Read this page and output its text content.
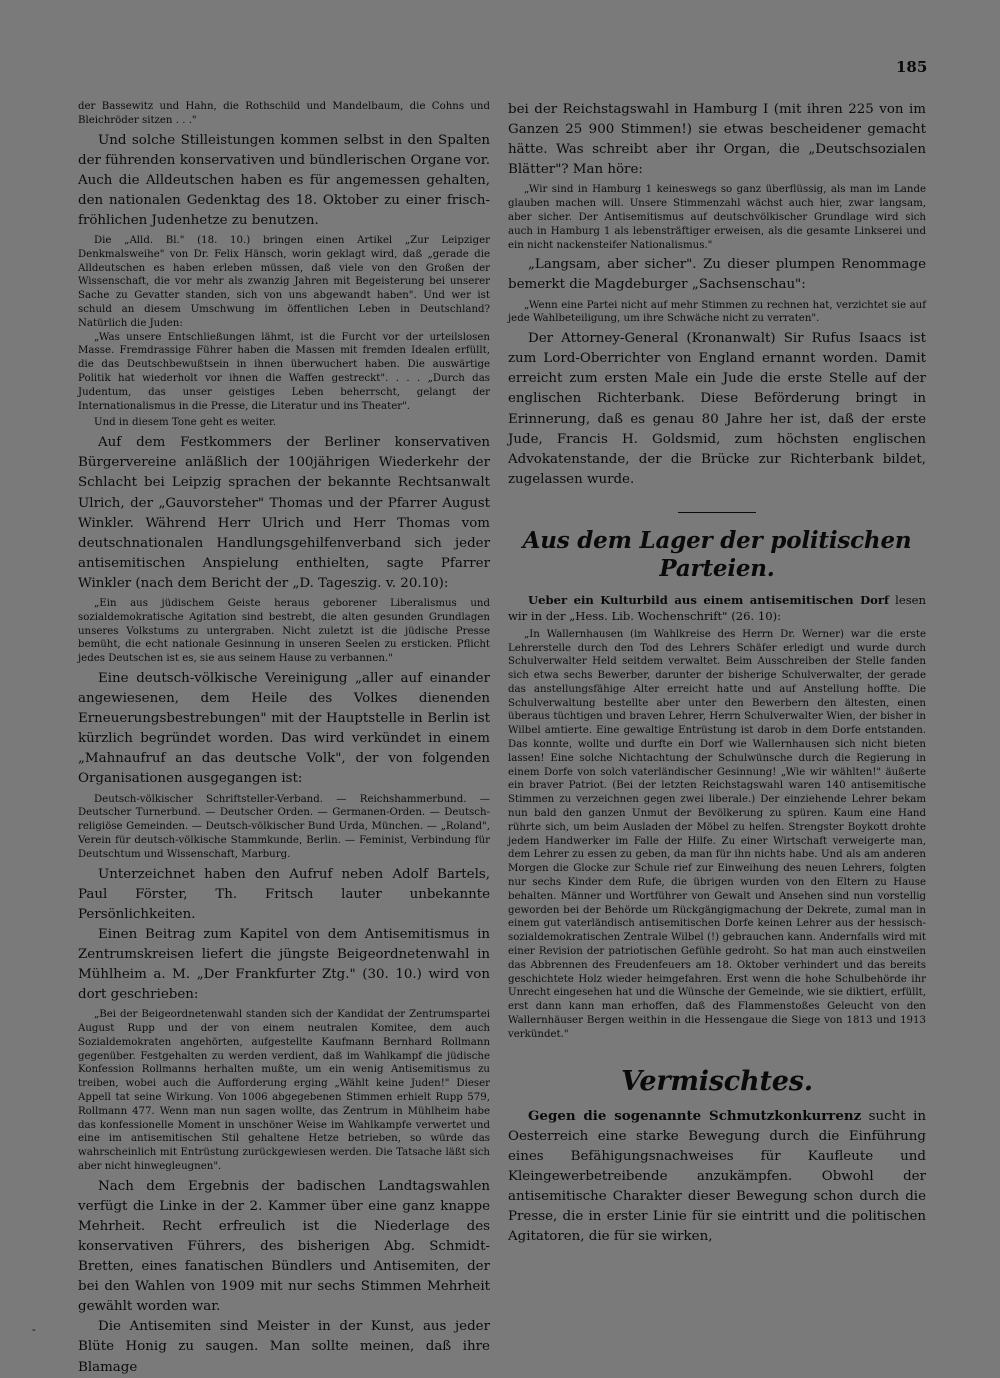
185

der Bassewitz und Hahn, die Rothschild und Mandelbaum, die Cohns und Bleichröder sitzen . . ."

Und solche Stilleistungen kommen selbst in den Spalten der führenden konservativen und bündlerischen Organe vor. Auch die Alldeutschen haben es für angemessen gehalten, den nationalen Gedenktag des 18. Oktober zu einer frisch-fröhlichen Judenhetze zu benutzen.

Die „Alld. Bl." (18. 10.) bringen einen Artikel „Zur Leipziger Denkmalsweihe" von Dr. Felix Hänsch, worin geklagt wird, daß „gerade die Alldeutschen es haben erleben müssen, daß viele von den Großen der Wissenschaft, die vor mehr als zwanzig Jahren mit Begeisterung bei unserer Sache zu Gevatter standen, sich von uns abgewandt haben". Und wer ist schuld an diesem Umschwung im öffentlichen Leben in Deutschland? Natürlich die Juden:

„Was unsere Entschließungen lähmt, ist die Furcht vor der urteilslosen Masse. Fremdrassige Führer haben die Massen mit fremden Idealen erfüllt, die das Deutschbewußtsein in ihnen überwuchert haben. Die auswärtige Politik hat wiederholt vor ihnen die Waffen gestreckt". . . . „Durch das Judentum, das unser geistiges Leben beherrscht, gelangt der Internationalismus in die Presse, die Literatur und ins Theater".

Und in diesem Tone geht es weiter.

Auf dem Festkommers der Berliner konservativen Bürgervereine anläßlich der 100jährigen Wiederkehr der Schlacht bei Leipzig sprachen der bekannte Rechtsanwalt Ulrich, der „Gauvorsteher" Thomas und der Pfarrer August Winkler. Während Herr Ulrich und Herr Thomas vom deutschnationalen Handlungsgehilfenverband sich jeder antisemitischen Anspielung enthielten, sagte Pfarrer Winkler (nach dem Bericht der „D. Tageszig. v. 20.10):

„Ein aus jüdischem Geiste heraus geborener Liberalismus und sozialdemokratische Agitation sind bestrebt, die alten gesunden Grundlagen unseres Volkstums zu untergraben. Nicht zuletzt ist die jüdische Presse bemüht, die echt nationale Gesinnung in unseren Seelen zu ersticken. Pflicht jedes Deutschen ist es, sie aus seinem Hause zu verbannen."

Eine deutsch-völkische Vereinigung „aller auf einander angewiesenen, dem Heile des Volkes dienenden Erneuerungsbestrebungen" mit der Hauptstelle in Berlin ist kürzlich begründet worden. Das wird verkündet in einem „Mahnaufruf an das deutsche Volk", der von folgenden Organisationen ausgegangen ist:

Deutsch-völkischer Schriftsteller-Verband. — Reichshammerbund. — Deutscher Turnerbund. — Deutscher Orden. — Germanen-Orden. — Deutsch-religiöse Gemeinden. — Deutsch-völkischer Bund Urda, München. — „Roland", Verein für deutsch-völkische Stammkunde, Berlin. — Feminist, Verbindung für Deutschtum und Wissenschaft, Marburg.

Unterzeichnet haben den Aufruf neben Adolf Bartels, Paul Förster, Th. Fritsch lauter unbekannte Persönlichkeiten.

Einen Beitrag zum Kapitel von dem Antisemitismus in Zentrumskreisen liefert die jüngste Beigeordnetenwahl in Mühlheim a. M. „Der Frankfurter Ztg." (30. 10.) wird von dort geschrieben:

„Bei der Beigeordnetenwahl standen sich der Kandidat der Zentrumspartei August Rupp und der von einem neutralen Komitee, dem auch Sozialdemokraten angehörten, aufgestellte Kaufmann Bernhard Rollmann gegenüber. Festgehalten zu werden verdient, daß im Wahlkampf die jüdische Konfession Rollmanns herhalten mußte, um ein wenig Antisemitismus zu treiben, wobei auch die Aufforderung erging „Wählt keine Juden!" Dieser Appell tat seine Wirkung. Von 1006 abgegebenen Stimmen erhielt Rupp 579, Rollmann 477. Wenn man nun sagen wollte, das Zentrum in Mühlheim habe das konfessionelle Moment in unschöner Weise im Wahlkampfe verwertet und eine im antisemitischen Stil gehaltene Hetze betrieben, so würde das wahrscheinlich mit Entrüstung zurückgewiesen werden. Die Tatsache läßt sich aber nicht hinwegleugnen".

Nach dem Ergebnis der badischen Landtagswahlen verfügt die Linke in der 2. Kammer über eine ganz knappe Mehrheit. Recht erfreulich ist die Niederlage des konservativen Führers, des bisherigen Abg. Schmidt-Bretten, eines fanatischen Bündlers und Antisemiten, der bei den Wahlen von 1909 mit nur sechs Stimmen Mehrheit gewählt worden war.

Die Antisemiten sind Meister in der Kunst, aus jeder Blüte Honig zu saugen. Man sollte meinen, daß ihre Blamage

bei der Reichstagswahl in Hamburg I (mit ihren 225 von im Ganzen 25 900 Stimmen!) sie etwas bescheidener gemacht hätte. Was schreibt aber ihr Organ, die „Deutschsozialen Blätter"? Man höre:

„Wir sind in Hamburg 1 keineswegs so ganz überflüssig, als man im Lande glauben machen will. Unsere Stimmenzahl wächst auch hier, zwar langsam, aber sicher. Der Antisemitismus auf deutschvölkischer Grundlage wird sich auch in Hamburg 1 als lebensträftiger erweisen, als die gesamte Linkserei und ein nicht nackensteifer Nationalismus."

„Langsam, aber sicher". Zu dieser plumpen Renommage bemerkt die Magdeburger „Sachsenschau":

„Wenn eine Partei nicht auf mehr Stimmen zu rechnen hat, verzichtet sie auf jede Wahlbeteiligung, um ihre Schwäche nicht zu verraten".

Der Attorney-General (Kronanwalt) Sir Rufus Isaacs ist zum Lord-Oberrichter von England ernannt worden. Damit erreicht zum ersten Male ein Jude die erste Stelle auf der englischen Richterbank. Diese Beförderung bringt in Erinnerung, daß es genau 80 Jahre her ist, daß der erste Jude, Francis H. Goldsmid, zum höchsten englischen Advokatenstande, der die Brücke zur Richterbank bildet, zugelassen wurde.

Aus dem Lager der politischen Parteien.

Ueber ein Kulturbild aus einem antisemitischen Dorf lesen wir in der „Hess. Lib. Wochenschrift" (26. 10):

„In Wallernhausen (im Wahlkreise des Herrn Dr. Werner) war die erste Lehrerstelle durch den Tod des Lehrers Schäfer erledigt und wurde durch Schulverwalter Held seitdem verwaltet. Beim Ausschreiben der Stelle fanden sich etwa sechs Bewerber, darunter der bisherige Schulverwalter, der gerade das anstellungsfähige Alter erreicht hatte und auf Anstellung hoffte. Die Schulverwaltung bestellte aber unter den Bewerbern den ältesten, einen überaus tüchtigen und braven Lehrer, Herrn Schulverwalter Wien, der bisher in Wilbel amtierte. Eine gewaltige Entrüstung ist darob in dem Dorfe entstanden. Das konnte, wollte und durfte ein Dorf wie Wallernhausen sich nicht bieten lassen! Eine solche Nichtachtung der Schulwünsche durch die Regierung in einem Dorfe von solch vaterländischer Gesinnung! „Wie wir wählten!" äußerte ein braver Patriot. (Bei der letzten Reichstagswahl waren 140 antisemitische Stimmen zu verzeichnen gegen zwei liberale.) Der einziehende Lehrer bekam nun bald den ganzen Unmut der Bevölkerung zu spüren. Kaum eine Hand rührte sich, um beim Ausladen der Möbel zu helfen. Strengster Boykott drohte jedem Handwerker im Falle der Hilfe. Zu einer Wirtschaft verweigerte man, dem Lehrer zu essen zu geben, da man für ihn nichts habe. Und als am anderen Morgen die Glocke zur Schule rief zur Einweihung des neuen Lehrers, folgten nur sechs Kinder dem Rufe, die übrigen wurden von den Eltern zu Hause behalten. Männer und Wortführer von Gewalt und Ansehen sind nun vorstellig geworden bei der Behörde um Rückgängigmachung der Dekrete, zumal man in einem gut vaterländisch antisemitischen Dorfe keinen Lehrer aus der hessisch-sozialdemokratischen Zentrale Wilbel (!) gebrauchen kann. Andernfalls wird mit einer Revision der patriotischen Gefühle gedroht. So hat man auch einstweilen das Abbrennen des Freudenfeuers am 18. Oktober verhindert und das bereits geschichtete Holz wieder heimgefahren. Erst wenn die hohe Schulbehörde ihr Unrecht eingesehen hat und die Wünsche der Gemeinde, wie sie diktiert, erfüllt, erst dann kann man erhoffen, daß des Flammenstoßes Geleucht von den Wallernhäuser Bergen weithin in die Hessengaue die Siege von 1813 und 1913 verkündet."

Vermischtes.

Gegen die sogenannte Schmutzkonkurrenz sucht in Oesterreich eine starke Bewegung durch die Einführung eines Befähigungsnachweises für Kaufleute und Kleingewerbetreibende anzukämpfen. Obwohl der antisemitische Charakter dieser Bewegung schon durch die Presse, die in erster Linie für sie eintritt und die politischen Agitatoren, die für sie wirken,

-
